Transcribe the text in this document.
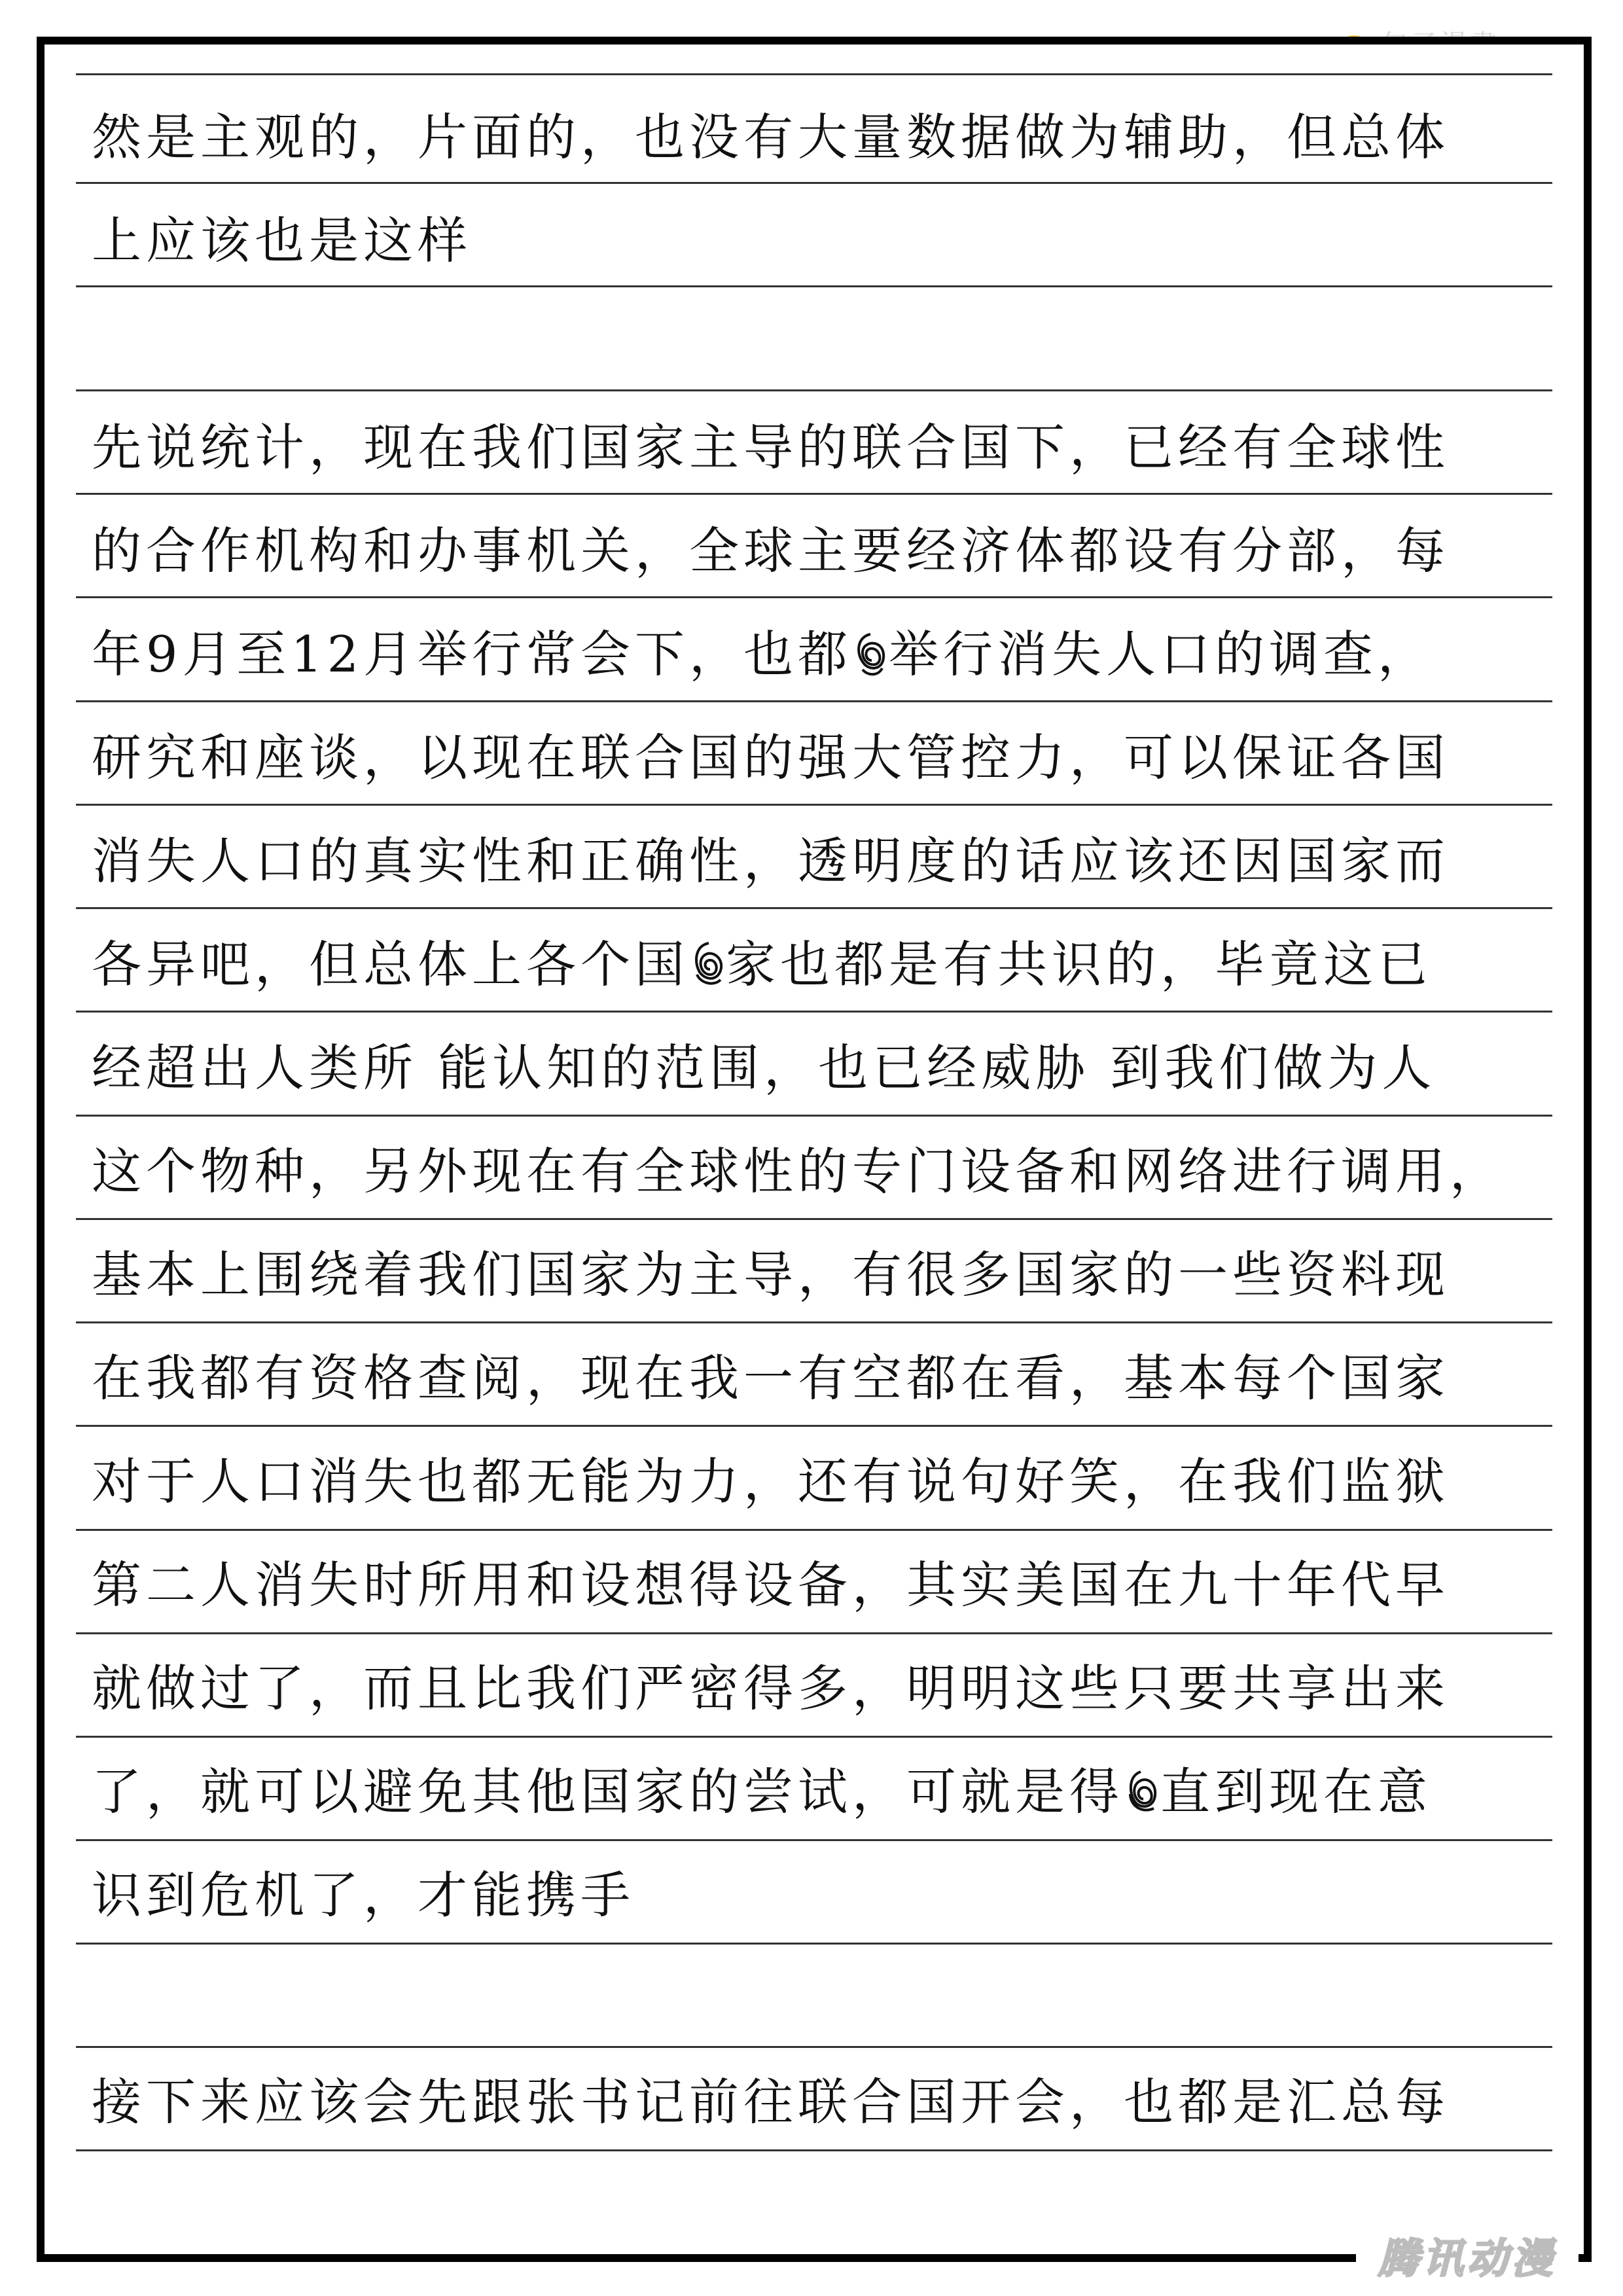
然是主观的，片面的，也没有大量数据做为辅助，但总体
上应该也是这样
先说统计，现在我们国家主导的联合国下，已经有全球性
的合作机构和办事机关，全球主要经济体都设有分部，每
年9月至12月举行常会下，也都 举行消失人口的调查，
研究和座谈，以现在联合国的强大管控力，可以保证各国
消失人口的真实性和正确性，透明度的话应该还因国家而
各异吧，但总体上各个国 家也都是有共识的，毕竟这已
经超出人类所 能认知的范围，也已经威胁 到我们做为人
这个物种，另外现在有全球性的专门设备和网络进行调用，
基本上围绕着我们国家为主导，有很多国家的一些资料现
在我都有资格查阅，现在我一有空都在看，基本每个国家
对于人口消失也都无能为力，还有说句好笑，在我们监狱
第二人消失时所用和设想得设备，其实美国在九十年代早
就做过了，而且比我们严密得多，明明这些只要共享出来
了，就可以避免其他国家的尝试，可就是得 直到现在意
识到危机了，才能携手
接下来应该会先跟张书记前往联合国开会，也都是汇总每
腾讯动漫
